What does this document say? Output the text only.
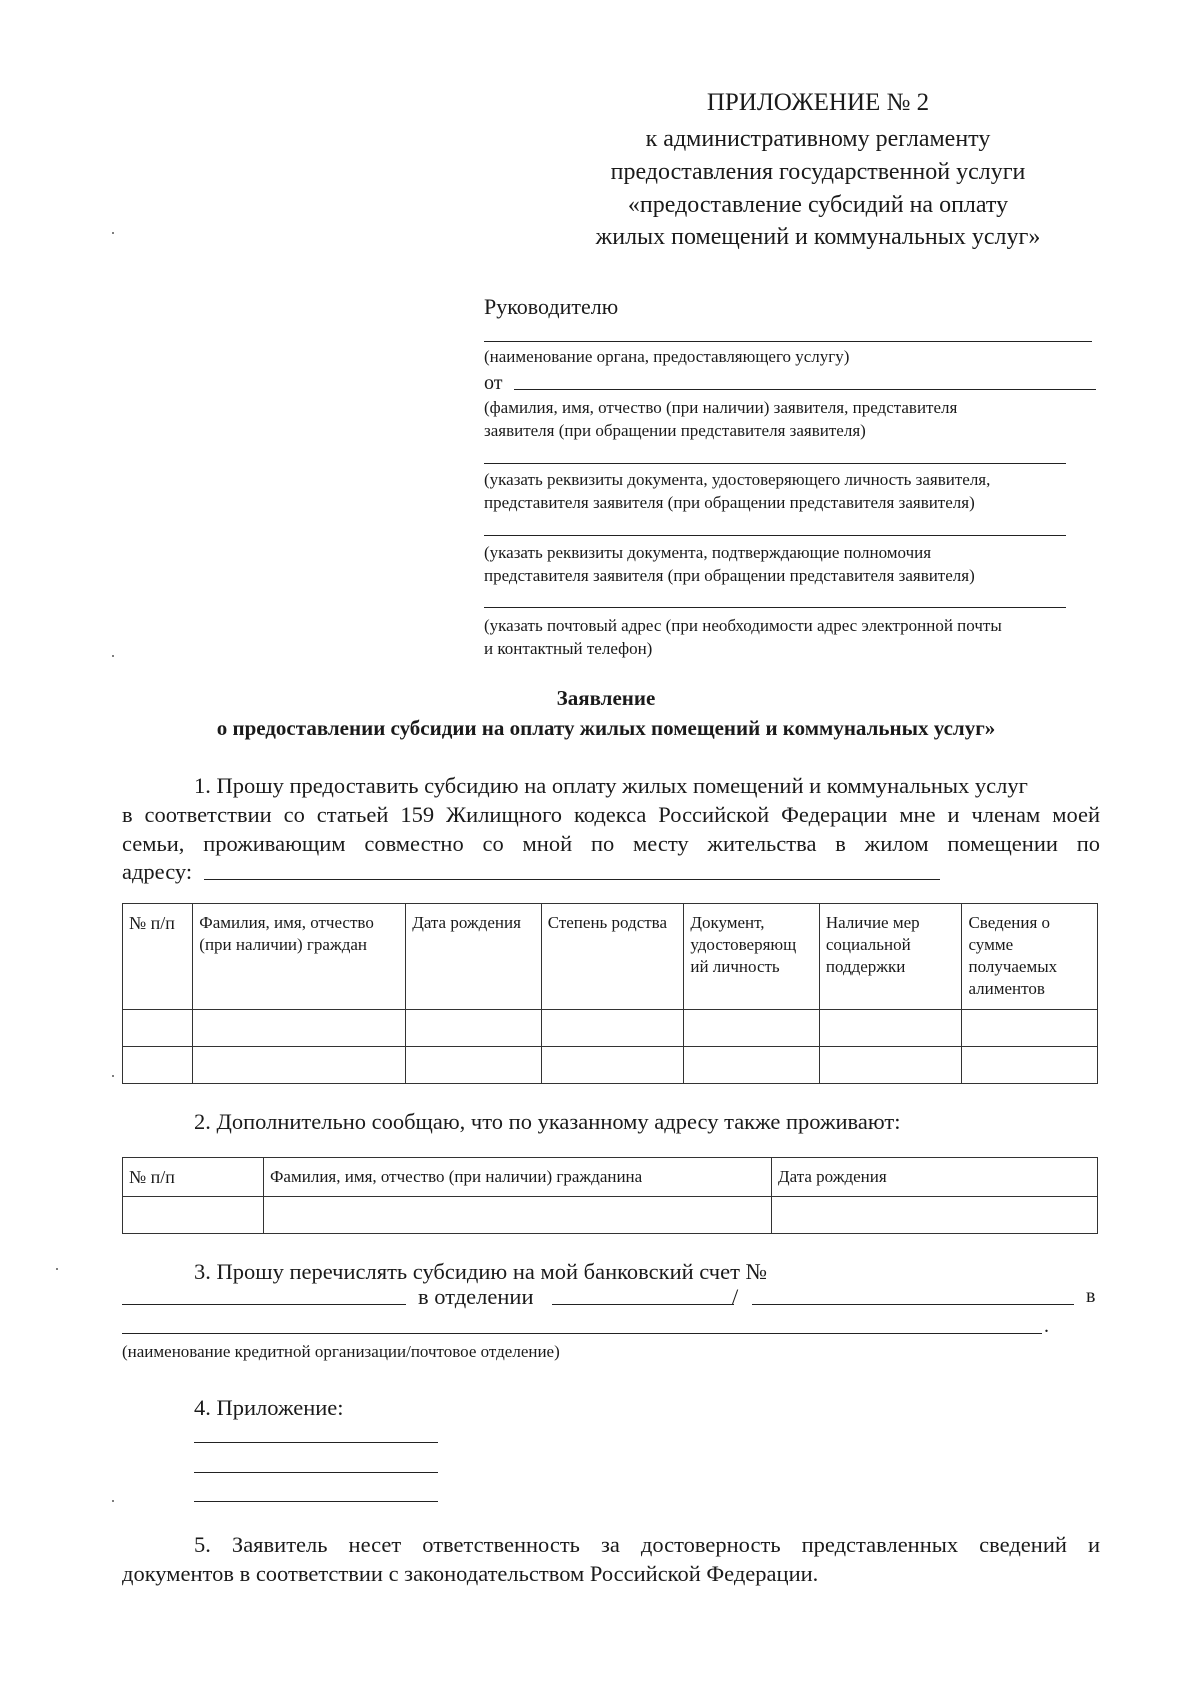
ПРИЛОЖЕНИЕ № 2
к административному регламенту
предоставления государственной услуги
«предоставление субсидий на оплату
жилых помещений и коммунальных услуг»
Руководителю
(наименование органа, предоставляющего услугу)
от
(фамилия, имя, отчество (при наличии) заявителя, представителя
заявителя (при обращении представителя заявителя)
(указать реквизиты документа, удостоверяющего личность заявителя,
представителя заявителя (при обращении представителя заявителя)
(указать реквизиты документа, подтверждающие полномочия
представителя заявителя (при обращении представителя заявителя)
(указать почтовый адрес (при необходимости адрес электронной почты
и контактный телефон)
Заявление
о предоставлении субсидии на оплату жилых помещений и коммунальных услуг»
1. Прошу предоставить субсидию на оплату жилых помещений и коммунальных услуг
в соответствии со статьей 159 Жилищного кодекса Российской Федерации мне и членам моей
семьи, проживающим совместно со мной по месту жительства в жилом помещении по
адресу:
№ п/п	Фамилия, имя, отчество (при наличии) граждан	Дата рождения	Степень родства	Документ, удостоверяющ ий личность	Наличие мер социальной поддержки	Сведения о сумме получаемых алиментов

2. Дополнительно сообщаю, что по указанному адресу также проживают:
№ п/п	Фамилия, имя, отчество (при наличии) гражданина	Дата рождения

3. Прошу перечислять субсидию на мой банковский счет №
в отделении	/	в
.
(наименование кредитной организации/почтовое отделение)
4. Приложение:
5. Заявитель несет ответственность за достоверность представленных сведений и
документов в соответствии с законодательством Российской Федерации.
